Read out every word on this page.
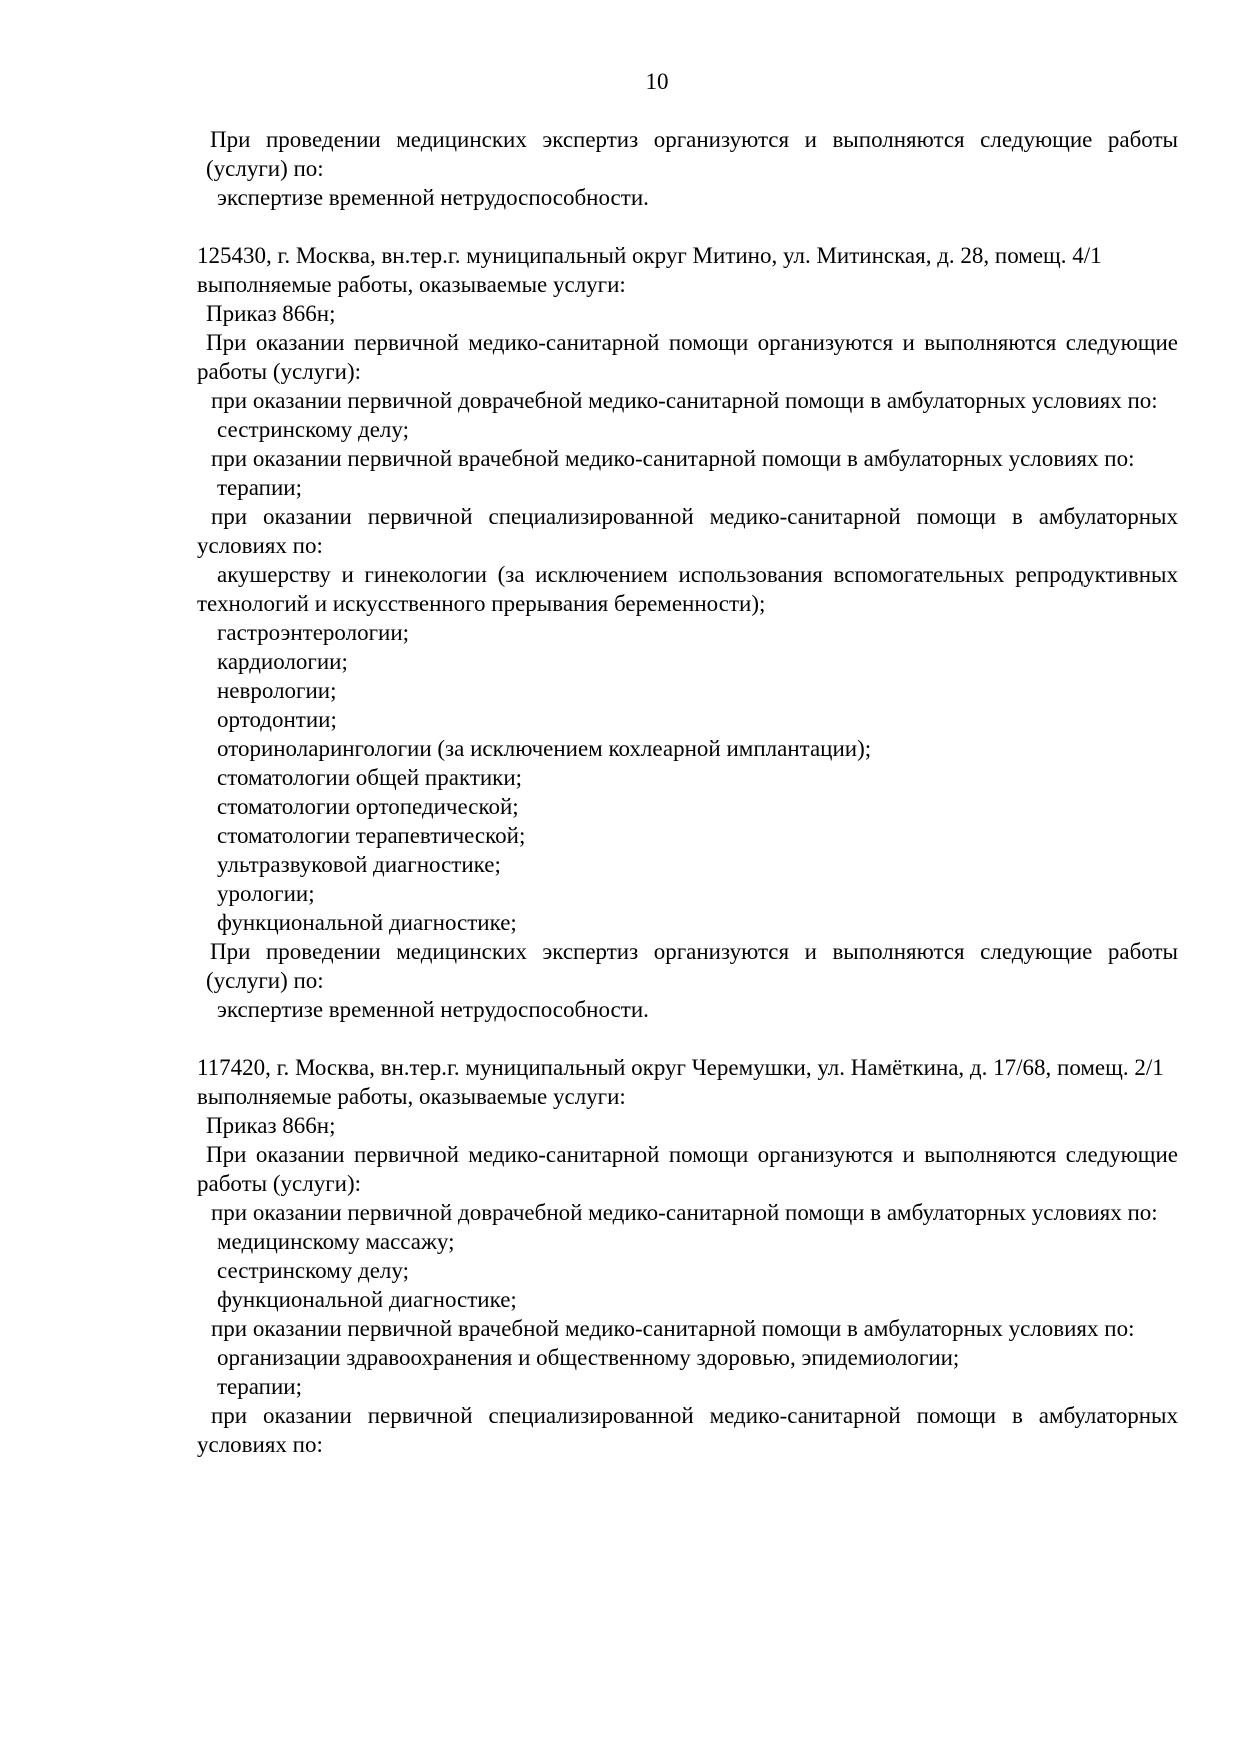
10

При проведении медицинских экспертиз организуются и выполняются следующие работы (услуги) по:

экспертизе временной нетрудоспособности.

125430, г. Москва, вн.тер.г. муниципальный округ Митино, ул. Митинская, д. 28, помещ. 4/1

выполняемые работы, оказываемые услуги:

Приказ 866н;

При оказании первичной медико-санитарной помощи организуются и выполняются следующие работы (услуги):

при оказании первичной доврачебной медико-санитарной помощи в амбулаторных условиях по:

сестринскому делу;

при оказании первичной врачебной медико-санитарной помощи в амбулаторных условиях по:

терапии;

при оказании первичной специализированной медико-санитарной помощи в амбулаторных условиях по:

акушерству и гинекологии (за исключением использования вспомогательных репродуктивных технологий и искусственного прерывания беременности);

гастроэнтерологии;

кардиологии;

неврологии;

ортодонтии;

оториноларингологии (за исключением кохлеарной имплантации);

стоматологии общей практики;

стоматологии ортопедической;

стоматологии терапевтической;

ультразвуковой диагностике;

урологии;

функциональной диагностике;

При проведении медицинских экспертиз организуются и выполняются следующие работы (услуги) по:

экспертизе временной нетрудоспособности.

117420, г. Москва, вн.тер.г. муниципальный округ Черемушки, ул. Намёткина, д. 17/68, помещ. 2/1

выполняемые работы, оказываемые услуги:

Приказ 866н;

При оказании первичной медико-санитарной помощи организуются и выполняются следующие работы (услуги):

при оказании первичной доврачебной медико-санитарной помощи в амбулаторных условиях по:

медицинскому массажу;

сестринскому делу;

функциональной диагностике;

при оказании первичной врачебной медико-санитарной помощи в амбулаторных условиях по:

организации здравоохранения и общественному здоровью, эпидемиологии;

терапии;

при оказании первичной специализированной медико-санитарной помощи в амбулаторных условиях по:
